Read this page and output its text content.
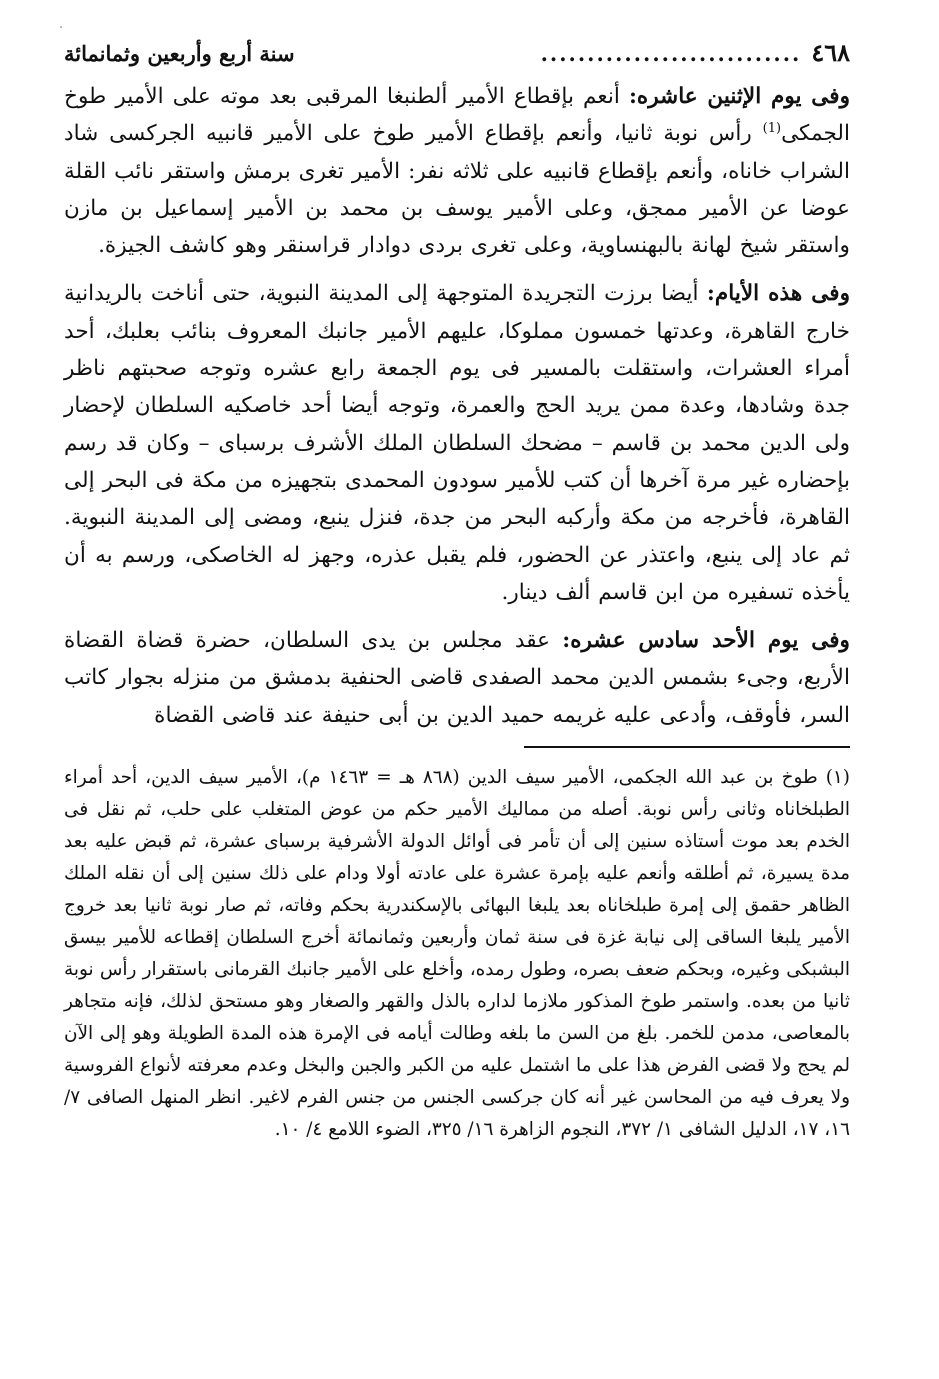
٤٦٨
............................
سنة أربع وأربعين وثمانمائة

وفى يوم الإثنين عاشره: أنعم بإقطاع الأمير ألطنبغا المرقبى بعد موته على الأمير طوخ الجمكى$^{(1)}$ رأس نوبة ثانيا، وأنعم بإقطاع الأمير طوخ على الأمير قانبيه الجركسى شاد الشراب خاناه، وأنعم بإقطاع قانبيه على ثلاثه نفر: الأمير تغرى برمش واستقر نائب القلة عوضا عن الأمير ممجق، وعلى الأمير يوسف بن محمد بن الأمير إسماعيل بن مازن واستقر شيخ لهانة بالبهنساوية، وعلى تغرى بردى دوادار قراسنقر وهو كاشف الجيزة.

وفى هذه الأيام: أيضا برزت التجريدة المتوجهة إلى المدينة النبوية، حتى أناخت بالريدانية خارج القاهرة، وعدتها خمسون مملوكا، عليهم الأمير جانبك المعروف بنائب بعلبك، أحد أمراء العشرات، واستقلت بالمسير فى يوم الجمعة رابع عشره وتوجه صحبتهم ناظر جدة وشادها، وعدة ممن يريد الحج والعمرة، وتوجه أيضا أحد خاصكيه السلطان لإحضار ولى الدين محمد بن قاسم – مضحك السلطان الملك الأشرف برسباى – وكان قد رسم بإحضاره غير مرة آخرها أن كتب للأمير سودون المحمدى بتجهيزه من مكة فى البحر إلى القاهرة، فأخرجه من مكة وأركبه البحر من جدة، فنزل ينبع، ومضى إلى المدينة النبوية. ثم عاد إلى ينبع، واعتذر عن الحضور، فلم يقبل عذره، وجهز له الخاصكى، ورسم به أن يأخذه تسفيره من ابن قاسم ألف دينار.

وفى يوم الأحد سادس عشره: عقد مجلس بن يدى السلطان، حضرة قضاة القضاة الأربع، وجىء بشمس الدين محمد الصفدى قاضى الحنفية بدمشق من منزله بجوار كاتب السر، فأوقف، وأدعى عليه غريمه حميد الدين بن أبى حنيفة عند قاضى القضاة

(١) طوخ بن عبد الله الجكمى، الأمير سيف الدين (٨٦٨ هـ = ١٤٦٣ م)، الأمير سيف الدين، أحد أمراء الطبلخاناه وثانى رأس نوبة. أصله من مماليك الأمير حكم من عوض المتغلب على حلب، ثم نقل فى الخدم بعد موت أستاذه سنين إلى أن تأمر فى أوائل الدولة الأشرفية برسباى عشرة، ثم قبض عليه بعد مدة يسيرة، ثم أطلقه وأنعم عليه بإمرة عشرة على عادته أولا ودام على ذلك سنين إلى أن نقله الملك الظاهر حقمق إلى إمرة طبلخاناه بعد يلبغا البهائى بالإسكندرية بحكم وفاته، ثم صار نوبة ثانيا بعد خروج الأمير يلبغا الساقى إلى نيابة غزة فى سنة ثمان وأربعين وثمانمائة أخرج السلطان إقطاعه للأمير بيسق البشبكى وغيره، وبحكم ضعف بصره، وطول رمده، وأخلع على الأمير جانبك القرمانى باستقرار رأس نوبة ثانيا من بعده. واستمر طوخ المذكور ملازما لداره بالذل والقهر والصغار وهو مستحق لذلك، فإنه متجاهر بالمعاصى، مدمن للخمر. بلغ من السن ما بلغه وطالت أيامه فى الإمرة هذه المدة الطويلة وهو إلى الآن لم يحج ولا قضى الفرض هذا على ما اشتمل عليه من الكبر والجبن والبخل وعدم معرفته لأنواع الفروسية ولا يعرف فيه من المحاسن غير أنه كان جركسى الجنس من جنس الفرم لاغير. انظر المنهل الصافى ٧/ ١٦، ١٧، الدليل الشافى ١/ ٣٧٢، النجوم الزاهرة ١٦/ ٣٢٥، الضوء اللامع ٤/ ١٠.
